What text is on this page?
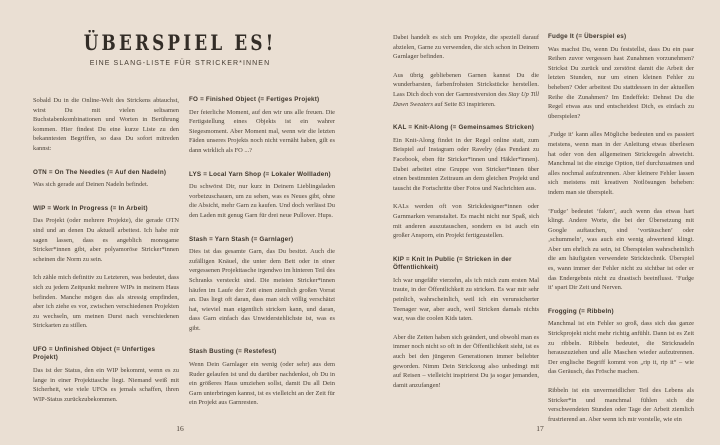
ÜBERSPIEL ES!
EINE SLANG-LISTE FÜR STRICKER*INNEN

Sobald Du in die Online-Welt des Strickens abtauchst, wirst Du mit vielen seltsamen Buchstabenkombinationen und Worten in Berührung kommen. Hier findest Du eine kurze Liste zu den bekanntesten Begriffen, so dass Du sofort mitreden kannst:

OTN = On The Needles (= Auf den Nadeln)

Was sich gerade auf Deinen Nadeln befindet.

WIP = Work In Progress (= In Arbeit)

Das Projekt (oder mehrere Projekte), die gerade OTN sind und an denen Du aktuell arbeitest. Ich habe mir sagen lassen, dass es angeblich monogame Stricker*innen gibt, aber polyamoröse Stricker*innen scheinen die Norm zu sein.

Ich zähle mich definitiv zu Letzteren, was bedeutet, dass sich zu jedem Zeitpunkt mehrere WIPs in meinem Haus befinden. Manche mögen das als stressig empfinden, aber ich ziehe es vor, zwischen verschiedenen Projekten zu wechseln, um meinen Durst nach verschiedenen Strickarten zu stillen.

UFO = Unfinished Object (= Unfertiges Projekt)

Das ist der Status, den ein WIP bekommt, wenn es zu lange in einer Projekttasche liegt. Niemand weiß mit Sicherheit, wie viele UFOs es jemals schaffen, ihren WIP-Status zurückzubekommen.

FO = Finished Object (= Fertiges Projekt)

Der feierliche Moment, auf den wir uns alle freuen. Die Fertigstellung eines Objekts ist ein wahrer Siegesmoment. Aber Moment mal, wenn wir die letzten Fäden unseres Projekts noch nicht vernäht haben, gilt es dann wirklich als FO ...?

LYS = Local Yarn Shop (= Lokaler Wollladen)

Du schwörst Dir, nur kurz in Deinem Lieblingsladen vorbeizuschauen, um zu sehen, was es Neues gibt, ohne die Absicht, mehr Garn zu kaufen. Und doch verlässt Du den Laden mit genug Garn für drei neue Pullover. Hups.

Stash = Yarn Stash (= Garnlager)

Dies ist das gesamte Garn, das Du besitzt. Auch die zufälligen Knäuel, die unter dem Bett oder in einer vergessenen Projekttasche irgendwo im hinteren Teil des Schranks versteckt sind. Die meisten Stricker*innen häufen im Laufe der Zeit einen ziemlich großen Vorrat an. Das liegt oft daran, dass man sich völlig verschätzt hat, wieviel man eigentlich stricken kann, und daran, dass Garn einfach das Unwiderstehlichste ist, was es gibt.

Stash Busting (= Restefest)

Wenn Dein Garnlager ein wenig (oder sehr) aus dem Ruder gelaufen ist und du darüber nachdenkst, ob Du in ein größeres Haus umziehen sollst, damit Du all Dein Garn unterbringen kannst, ist es vielleicht an der Zeit für ein Projekt aus Garnresten.

Dabei handelt es sich um Projekte, die speziell darauf abzielen, Garne zu verwenden, die sich schon in Deinem Garnlager befinden.

Aus übrig gebliebenen Garnen kannst Du die wunderbarsten, farbenfrohsten Strickstücke herstellen. Lass Dich doch von der Garnrestversion des Stay Up Till Dawn Sweaters auf Seite 83 inspirieren.

KAL = Knit-Along (= Gemeinsames Stricken)

Ein Knit-Along findet in der Regel online statt, zum Beispiel auf Instagram oder Ravelry (das Pendant zu Facebook, eben für Stricker*innen und Häkler*innen). Dabei arbeitet eine Gruppe von Stricker*innen über einen bestimmten Zeitraum an dem gleichen Projekt und tauscht die Fortschritte über Fotos und Nachrichten aus.

KALs werden oft von Strickdesigner*innen oder Garnmarken veranstaltet. Es macht nicht nur Spaß, sich mit anderen auszutauschen, sondern es ist auch ein großer Ansporn, ein Projekt fertigzustellen.

KIP = Knit In Public (= Stricken in der Öffentlichkeit)

Ich war ungefähr vierzehn, als ich mich zum ersten Mal traute, in der Öffentlichkeit zu stricken. Es war mir sehr peinlich, wahrscheinlich, weil ich ein verunsicherter Teenager war, aber auch, weil Stricken damals nichts war, was die coolen Kids taten.

Aber die Zeiten haben sich geändert, und obwohl man es immer noch nicht so oft in der Öffentlichkeit sieht, ist es auch bei den jüngeren Generationen immer beliebter geworden. Nimm Dein Strickzeug also unbedingt mit auf Reisen – vielleicht inspirierst Du ja sogar jemanden, damit anzufangen!

Fudge It (= Überspiel es)

Was machst Du, wenn Du feststellst, dass Du ein paar Reihen zuvor vergessen hast Zunahmen vorzunehmen? Strickst Du zurück und zerstörst damit die Arbeit der letzten Stunden, nur um einen kleinen Fehler zu beheben? Oder arbeitest Du stattdessen in der aktuellen Reihe die Zunahmen? Im Endeffekt: Dehnst Du die Regel etwas aus und entscheidest Dich, es einfach zu überspielen?

‚Fudge it‘ kann alles Mögliche bedeuten und es passiert meistens, wenn man in der Anleitung etwas überlesen hat oder von den allgemeinen Strickregeln abweicht. Manchmal ist die einzige Option, tief durchzuatmen und alles nochmal aufzutrennen. Aber kleinere Fehler lassen sich meistens mit kreativen Notlösungen beheben: indem man sie überspielt.

‘Fudge’ bedeutet ‘faken’, auch wenn das etwas hart klingt. Andere Worte, die bei der Übersetzung mit Google auftauchen, sind ‘vortäuschen’ oder ‚schummeln‘, was auch ein wenig abwertend klingt. Aber um ehrlich zu sein, ist Überspielen wahrscheinlich die am häufigsten verwendete Stricktechnik. Überspiel es, wann immer der Fehler nicht zu sichtbar ist oder er das Endergebnis nicht zu drastisch beeinflusst. ‘Fudge it’ spart Dir Zeit und Nerven.

Frogging (= Ribbeln)

Manchmal ist ein Fehler so groß, dass sich das ganze Strickprojekt nicht mehr richtig anfühlt. Dann ist es Zeit zu ribbeln. Ribbeln bedeutet, die Stricknadeln herauszuziehen und alle Maschen wieder aufzutrennen. Der englische Begriff kommt von „rip it, rip it“ – wie das Geräusch, das Frösche machen.

Ribbeln ist ein unvermeidlicher Teil des Lebens als Stricker*in und manchmal fühlen sich die verschwendeten Stunden oder Tage der Arbeit ziemlich frustrierend an. Aber wenn ich mir vorstelle, wie ein

16	17
